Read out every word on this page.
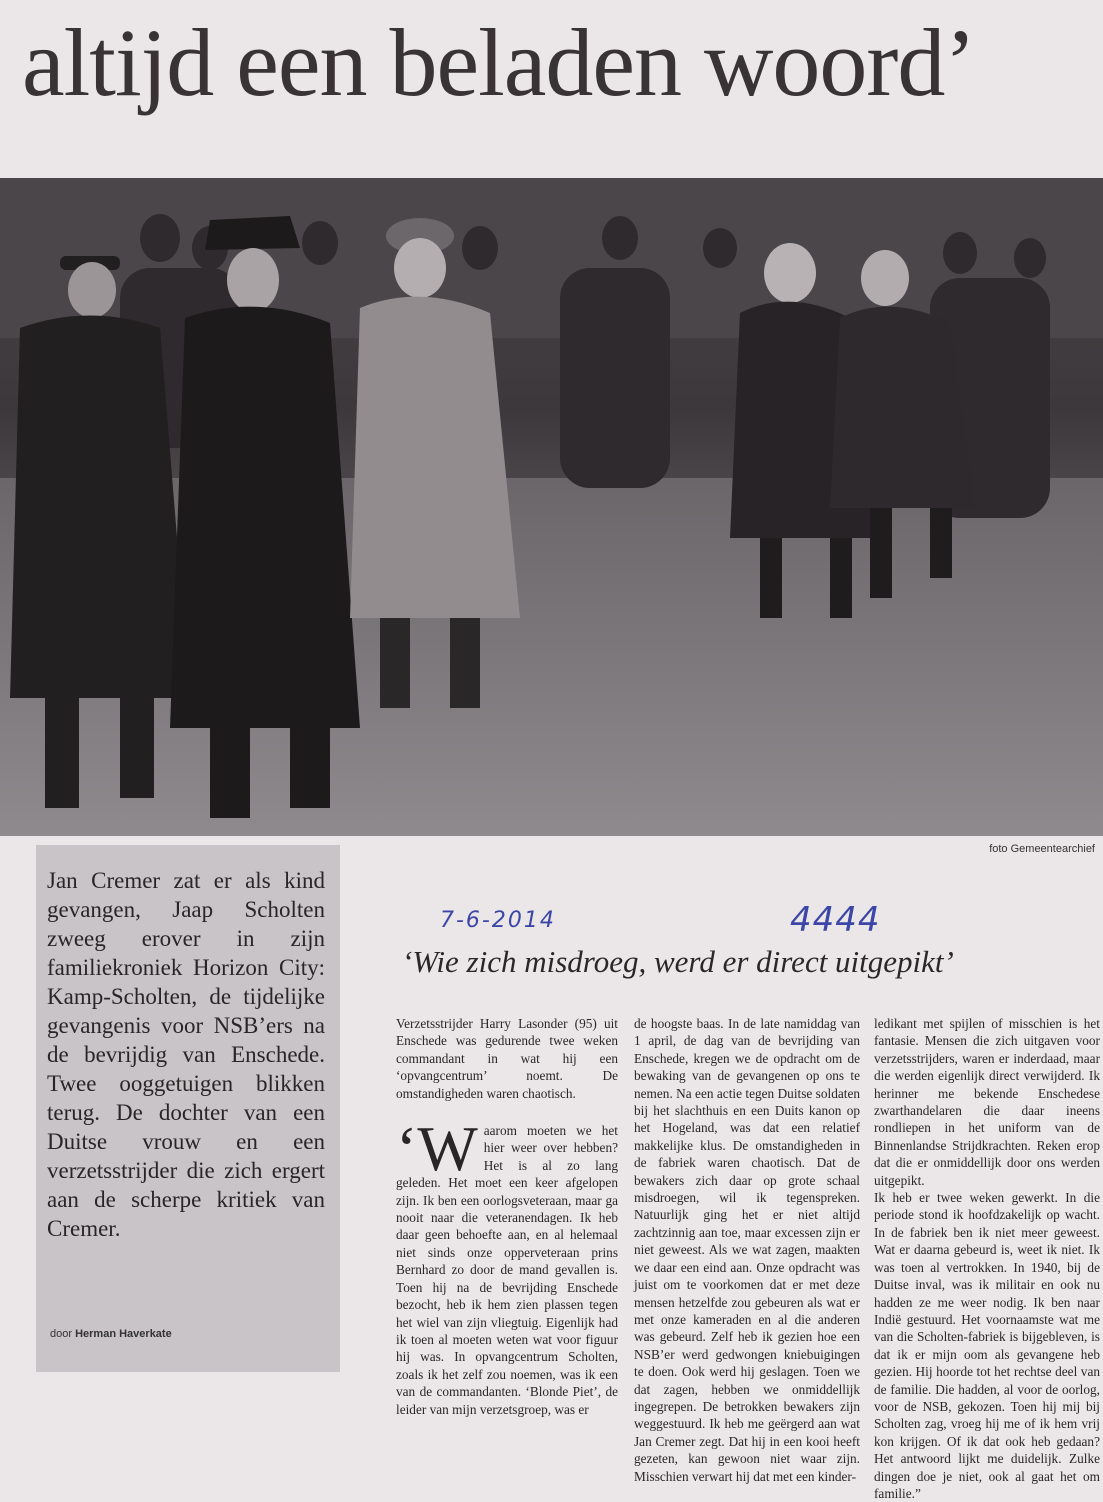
altijd een beladen woord’
foto Gemeentearchief
Jan Cremer zat er als kind gevangen, Jaap Scholten zweeg erover in zijn familiekroniek Horizon City: Kamp-Scholten, de tijdelijke gevangenis voor NSB’ers na de bevrijdig van Enschede. Twee ooggetuigen blikken terug. De dochter van een Duitse vrouw en een verzetsstrijder die zich ergert aan de scherpe kritiek van Cremer.
door Herman Haverkate
7-6-2014	4444
‘Wie zich misdroeg, werd er direct uitgepikt’

Verzetsstrijder Harry Lasonder (95) uit Enschede was gedurende twee weken commandant in wat hij een ‘opvangcentrum’ noemt. De omstandigheden waren chaotisch.

‘Waarom moeten we het hier weer over hebben? Het is al zo lang geleden. Het moet een keer afgelopen zijn. Ik ben een oorlogsveteraan, maar ga nooit naar die veteranendagen. Ik heb daar geen behoefte aan, en al helemaal niet sinds onze opperveteraan prins Bernhard zo door de mand gevallen is. Toen hij na de bevrijding Enschede bezocht, heb ik hem zien plassen tegen het wiel van zijn vliegtuig. Eigenlijk had ik toen al moeten weten wat voor figuur hij was. In opvangcentrum Scholten, zoals ik het zelf zou noemen, was ik een van de commandanten. ‘Blonde Piet’, de leider van mijn verzetsgroep, was er

de hoogste baas. In de late namiddag van 1 april, de dag van de bevrijding van Enschede, kregen we de opdracht om de bewaking van de gevangenen op ons te nemen. Na een actie tegen Duitse soldaten bij het slachthuis en een Duits kanon op het Hogeland, was dat een relatief makkelijke klus. De omstandigheden in de fabriek waren chaotisch. Dat de bewakers zich daar op grote schaal misdroegen, wil ik tegenspreken. Natuurlijk ging het er niet altijd zachtzinnig aan toe, maar excessen zijn er niet geweest. Als we wat zagen, maakten we daar een eind aan. Onze opdracht was juist om te voorkomen dat er met deze mensen hetzelfde zou gebeuren als wat er met onze kameraden en al die anderen was gebeurd. Zelf heb ik gezien hoe een NSB’er werd gedwongen kniebuigingen te doen. Ook werd hij geslagen. Toen we dat zagen, hebben we onmiddellijk ingegrepen. De betrokken bewakers zijn weggestuurd. Ik heb me geërgerd aan wat Jan Cremer zegt. Dat hij in een kooi heeft gezeten, kan gewoon niet waar zijn. Misschien verwart hij dat met een kinder-

ledikant met spijlen of misschien is het fantasie. Mensen die zich uitgaven voor verzetsstrijders, waren er inderdaad, maar die werden eigenlijk direct verwijderd. Ik herinner me bekende Enschedese zwarthandelaren die daar ineens rondliepen in het uniform van de Binnenlandse Strijdkrachten. Reken erop dat die er onmiddellijk door ons werden uitgepikt.

Ik heb er twee weken gewerkt. In die periode stond ik hoofdzakelijk op wacht. In de fabriek ben ik niet meer geweest. Wat er daarna gebeurd is, weet ik niet. Ik was toen al vertrokken. In 1940, bij de Duitse inval, was ik militair en ook nu hadden ze me weer nodig. Ik ben naar Indië gestuurd. Het voornaamste wat me van die Scholten-fabriek is bijgebleven, is dat ik er mijn oom als gevangene heb gezien. Hij hoorde tot het rechtse deel van de familie. Die hadden, al voor de oorlog, voor de NSB, gekozen. Toen hij mij bij Scholten zag, vroeg hij me of ik hem vrij kon krijgen. Of ik dat ook heb gedaan? Het antwoord lijkt me duidelijk. Zulke dingen doe je niet, ook al gaat het om familie.”
